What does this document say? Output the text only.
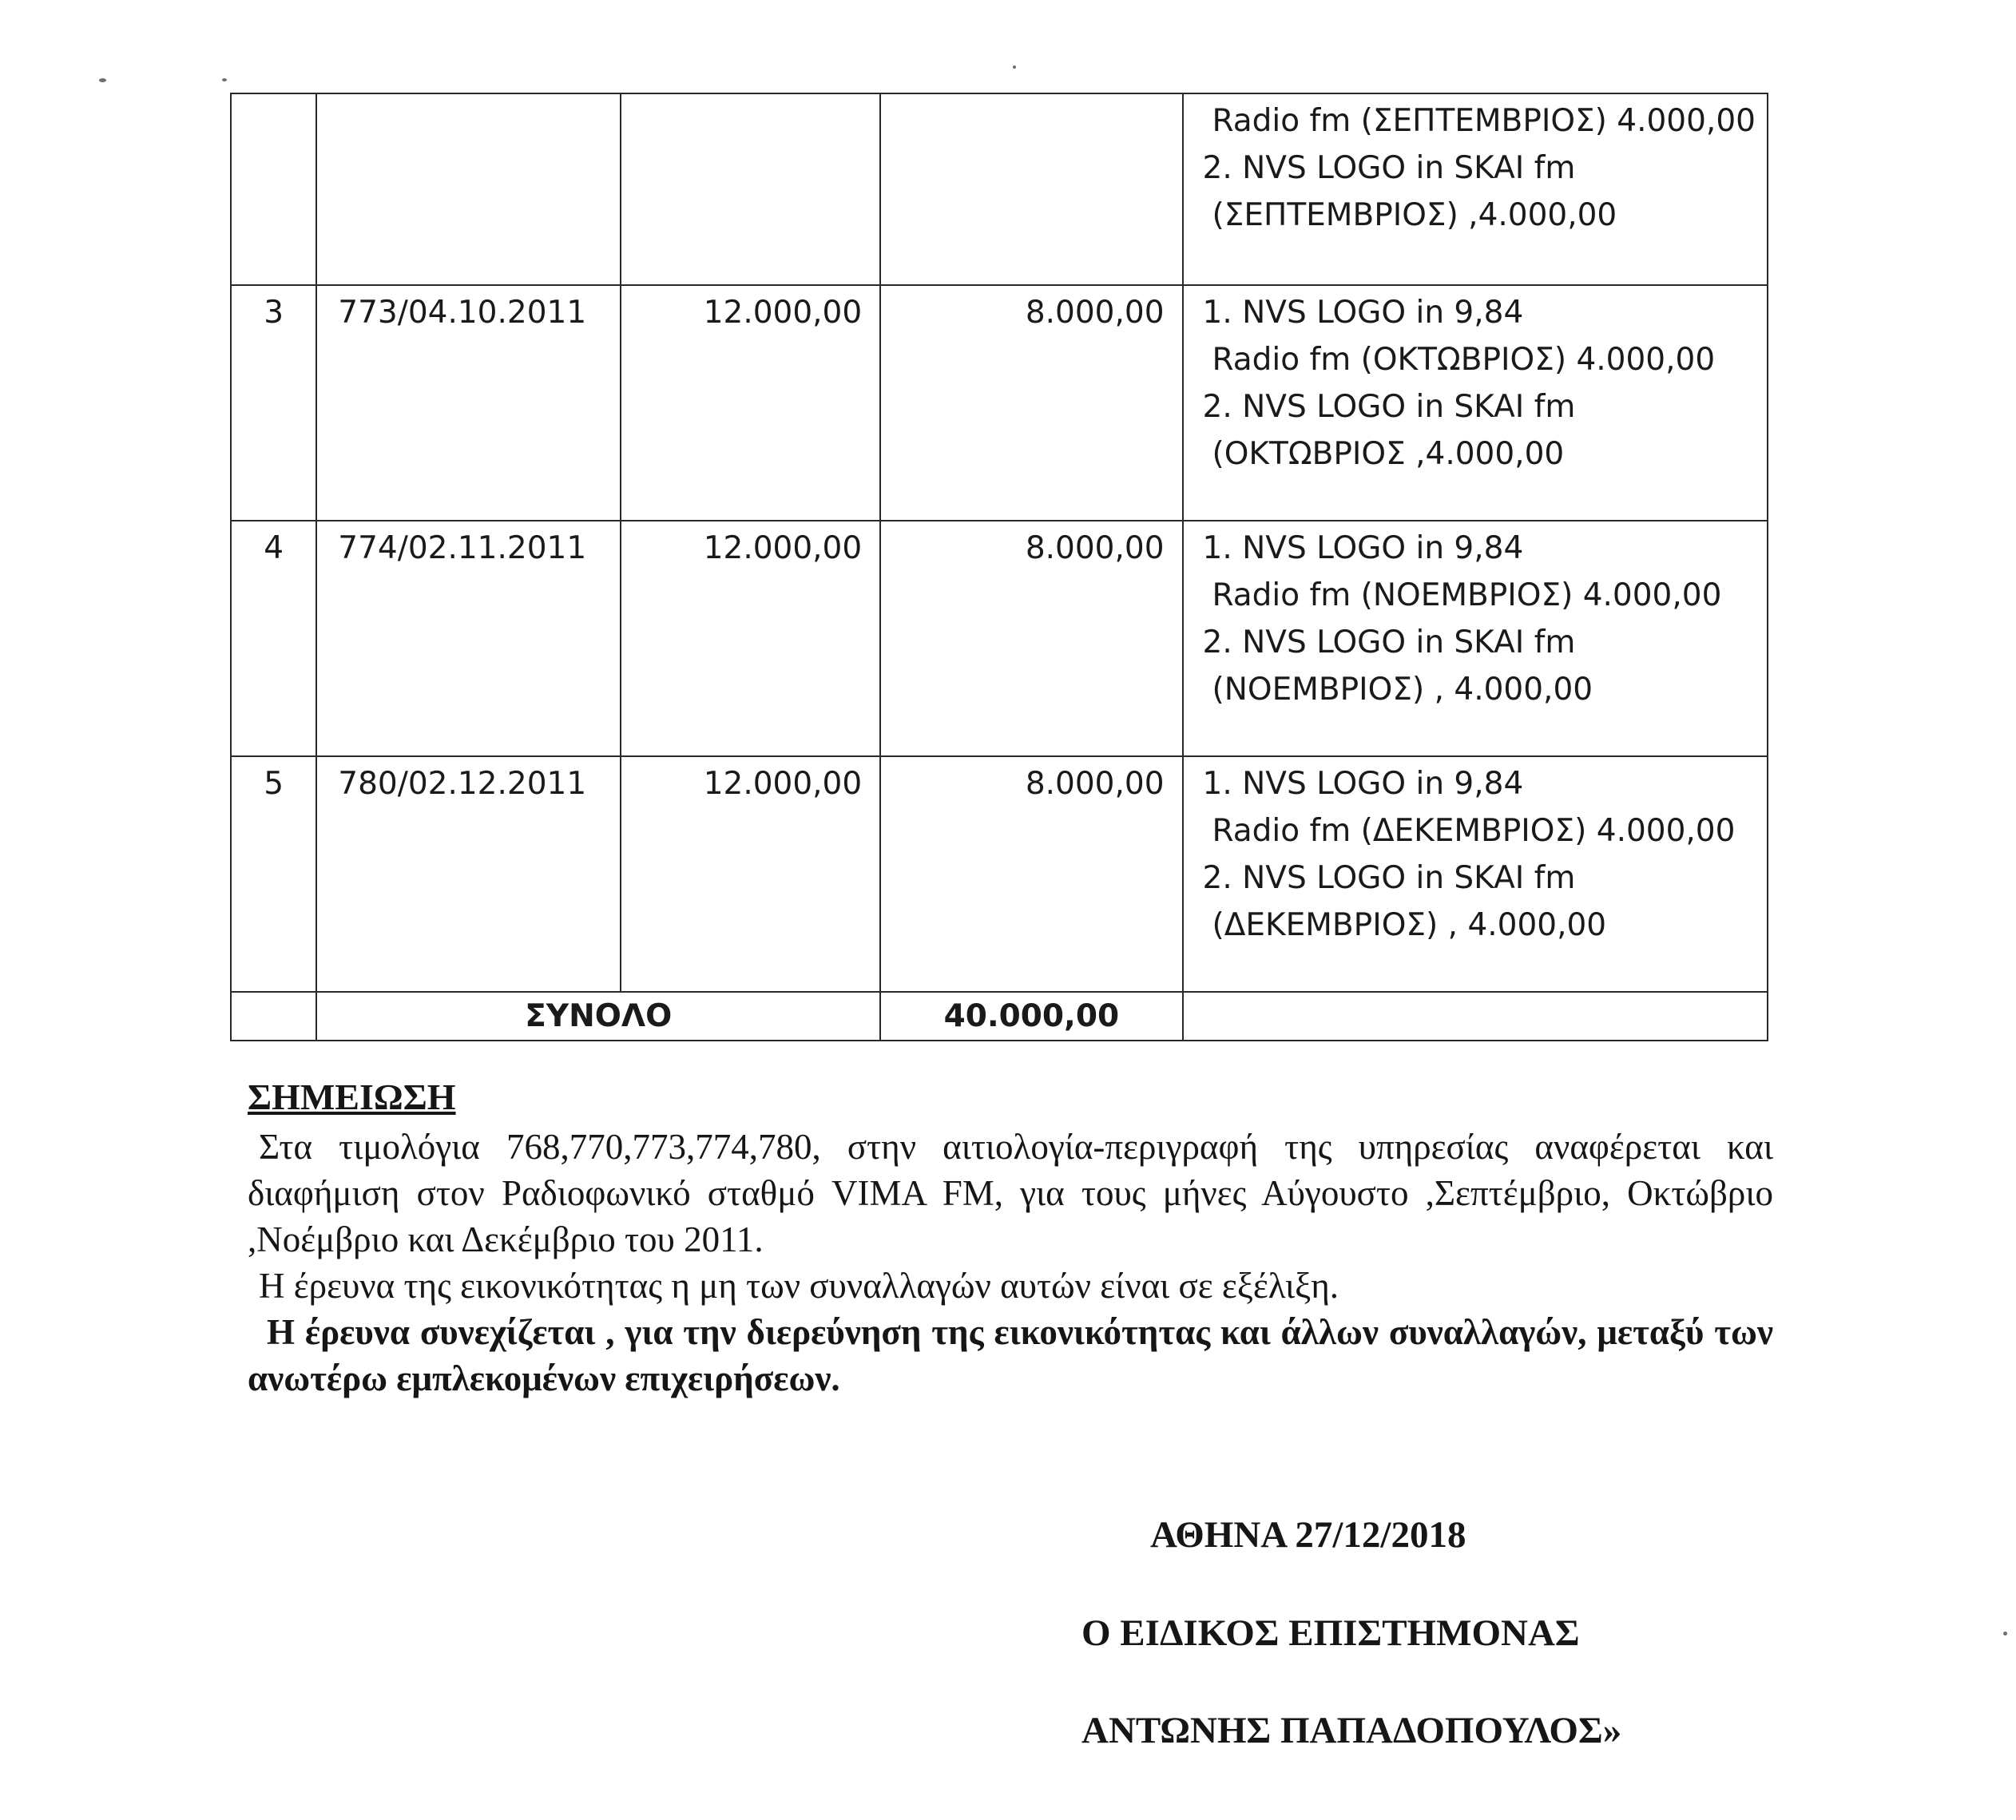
				Radio fm (ΣΕΠΤΕΜΒΡΙΟΣ) 4.000,00
2. NVS LOGO in SKAI fm
(ΣΕΠΤΕΜΒΡΙΟΣ) ,4.000,00

3	773/04.10.2011	12.000,00	8.000,00	1. NVS LOGO in 9,84
Radio fm (ΟΚΤΩΒΡΙΟΣ) 4.000,00
2. NVS LOGO in SKAI fm
(ΟΚΤΩΒΡΙΟΣ ,4.000,00

4	774/02.11.2011	12.000,00	8.000,00	1. NVS LOGO in 9,84
Radio fm (ΝΟΕΜΒΡΙΟΣ) 4.000,00
2. NVS LOGO in SKAI fm
(ΝΟΕΜΒΡΙΟΣ) , 4.000,00

5	780/02.12.2011	12.000,00	8.000,00	1. NVS LOGO in 9,84
Radio fm (ΔΕΚΕΜΒΡΙΟΣ) 4.000,00
2. NVS LOGO in SKAI fm
(ΔΕΚΕΜΒΡΙΟΣ) , 4.000,00

	ΣΥΝΟΛΟ		40.000,00	
ΣΗΜΕΙΩΣΗ

Στα τιμολόγια 768,770,773,774,780, στην αιτιολογία-περιγραφή της υπηρεσίας αναφέρεται και διαφήμιση στον Ραδιοφωνικό σταθμό VIMA FM, για τους μήνες Αύγουστο ,Σεπτέμβριο, Οκτώβριο ,Νοέμβριο και Δεκέμβριο του 2011.

Η έρευνα της εικονικότητας η μη των συναλλαγών αυτών είναι σε εξέλιξη.

Η έρευνα συνεχίζεται , για την διερεύνηση της εικονικότητας και άλλων συναλλαγών, μεταξύ των ανωτέρω εμπλεκομένων επιχειρήσεων.

ΑΘΗΝΑ 27/12/2018
Ο ΕΙΔΙΚΟΣ ΕΠΙΣΤΗΜΟΝΑΣ
ΑΝΤΩΝΗΣ ΠΑΠΑΔΟΠΟΥΛΟΣ»
